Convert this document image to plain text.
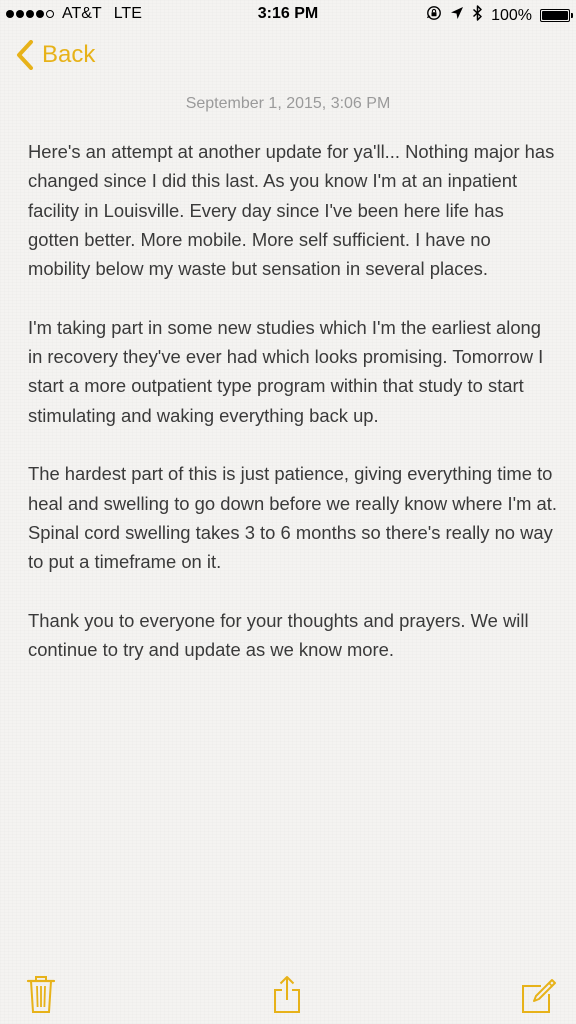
AT&T LTE	3:16 PM	100%
Back
September 1, 2015, 3:06 PM

Here's an attempt at another update for ya'll... Nothing major has changed since I did this last. As you know I'm at an inpatient facility in Louisville. Every day since I've been here life has gotten better. More mobile. More self sufficient. I have no mobility below my waste but sensation in several places.

I'm taking part in some new studies which I'm the earliest along in recovery they've ever had which looks promising. Tomorrow I start a more outpatient type program within that study to start stimulating and waking everything back up.

The hardest part of this is just patience, giving everything time to heal and swelling to go down before we really know where I'm at. Spinal cord swelling takes 3 to 6 months so there's really no way to put a timeframe on it.

Thank you to everyone for your thoughts and prayers. We will continue to try and update as we know more.
